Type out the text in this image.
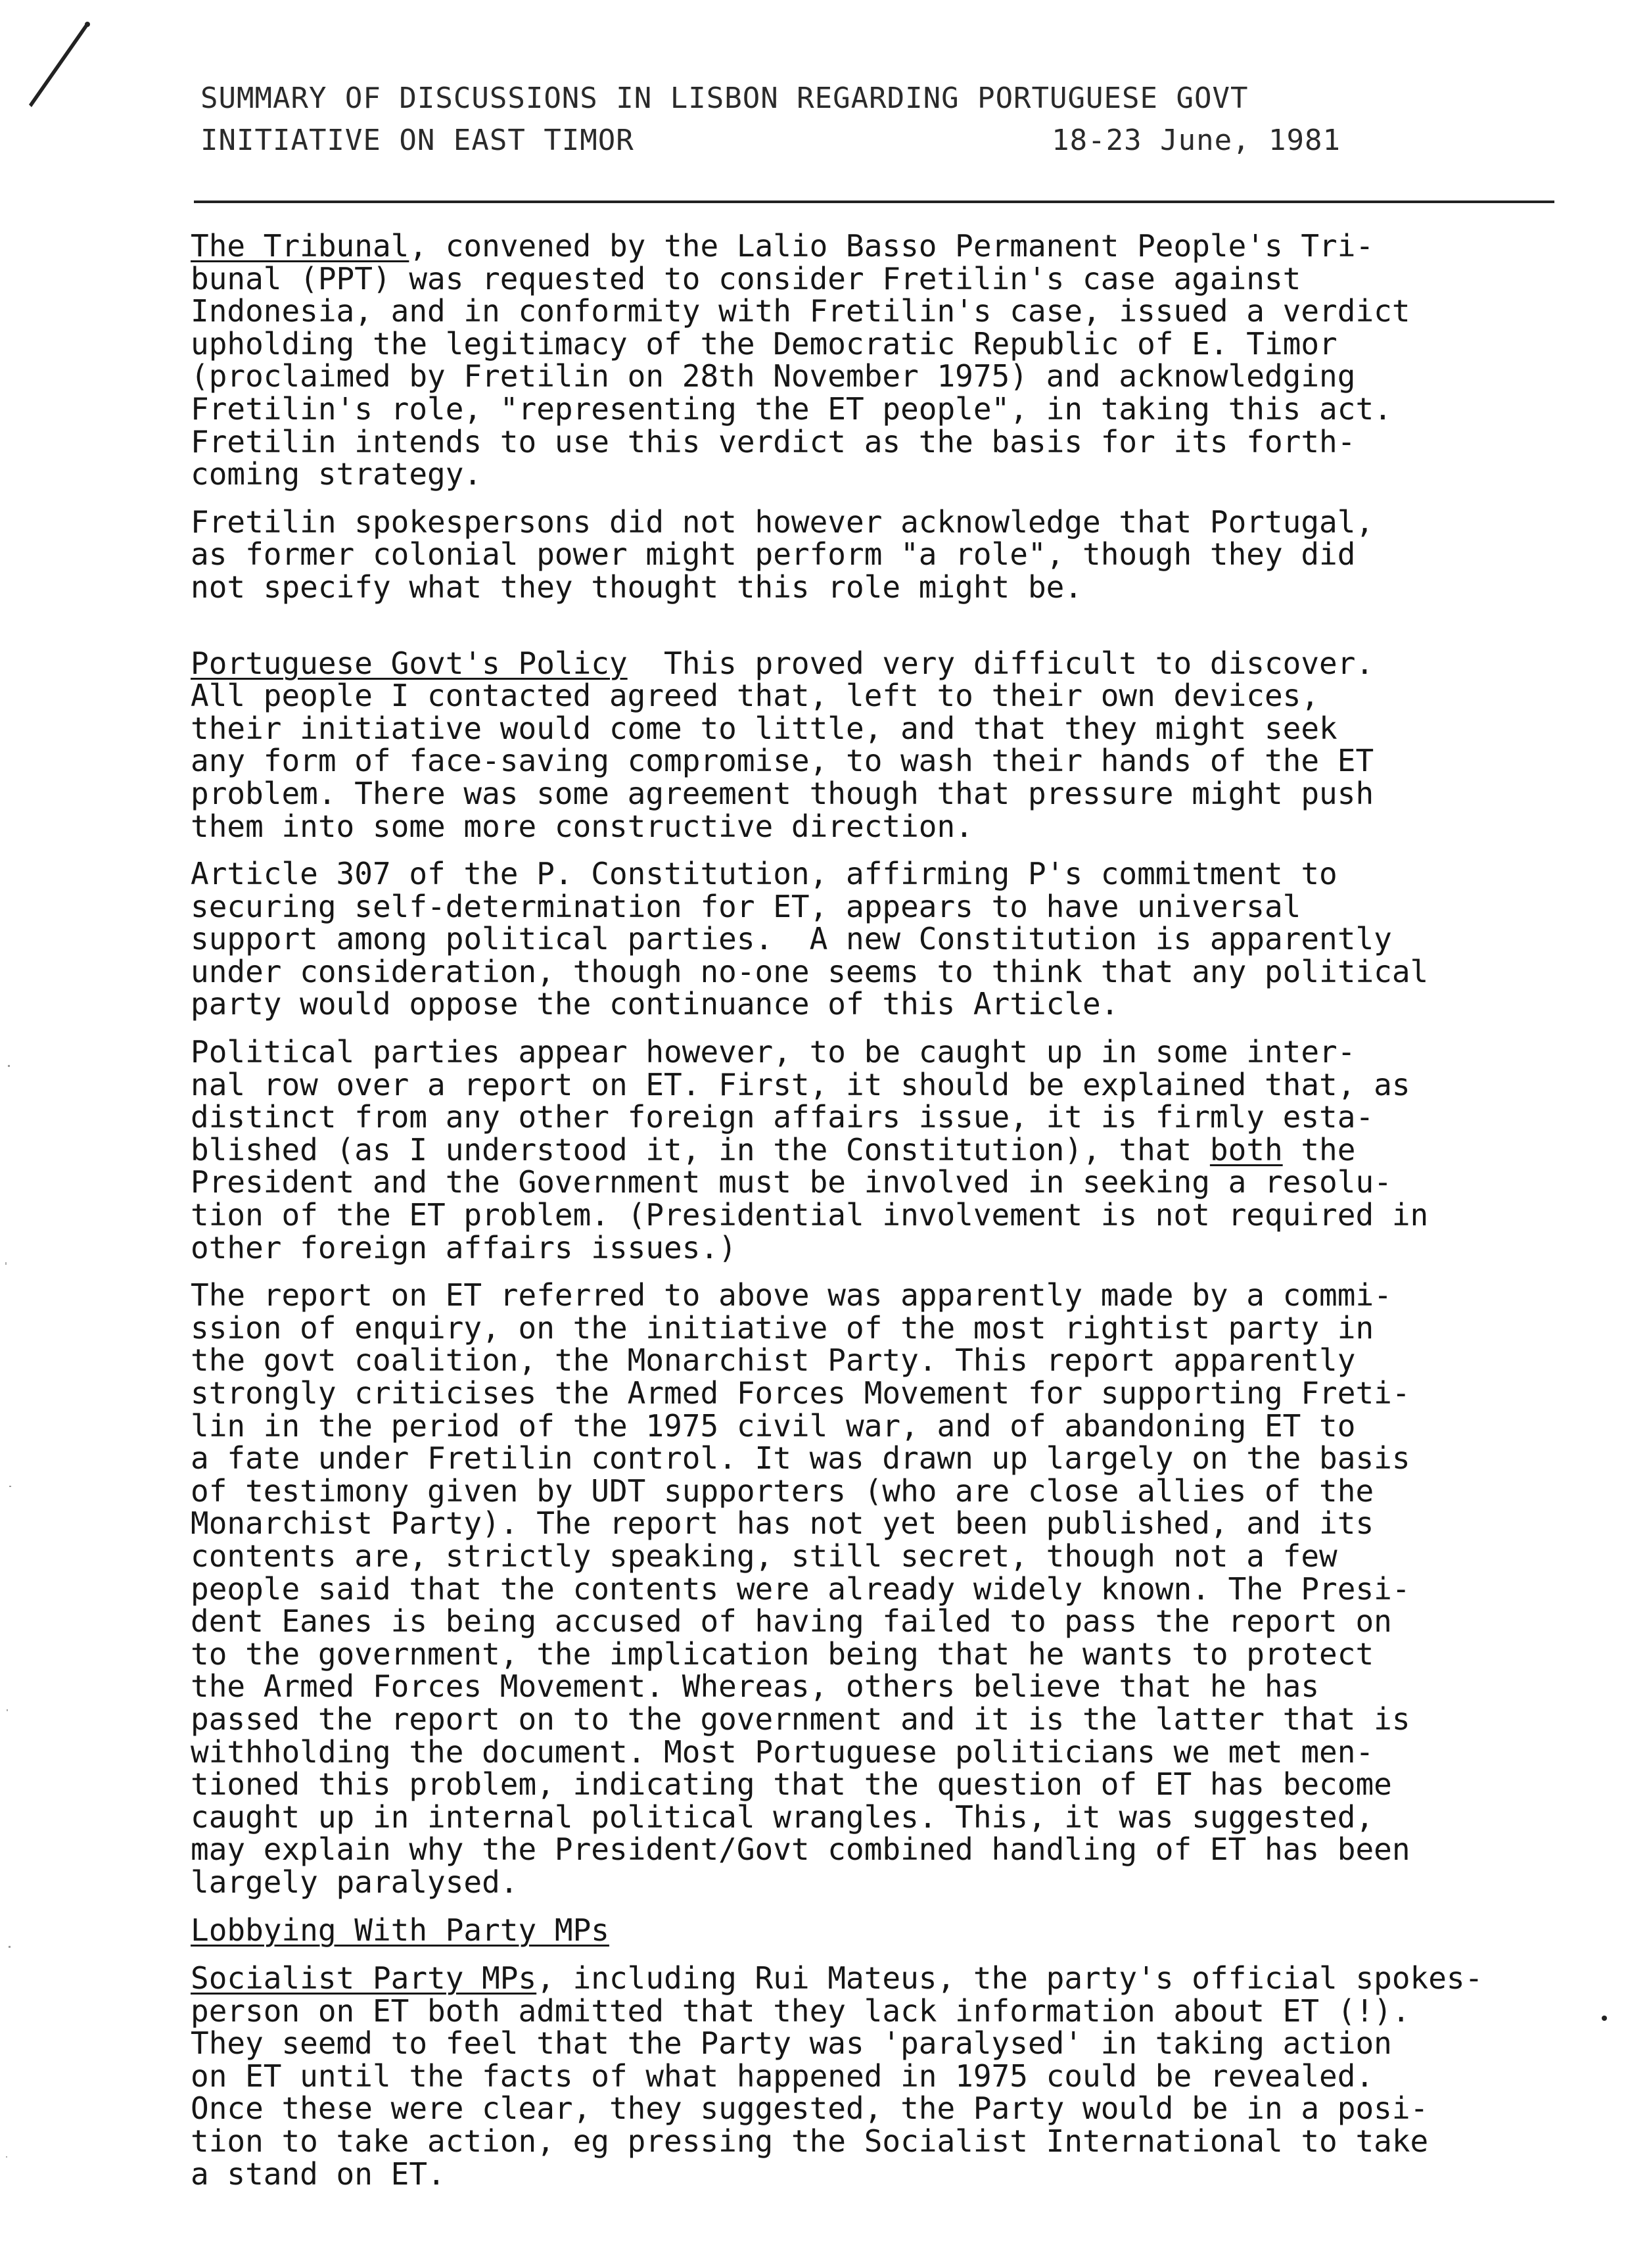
SUMMARY OF DISCUSSIONS IN LISBON REGARDING PORTUGUESE GOVT
INITIATIVE ON EAST TIMOR	18-23 June, 1981

The Tribunal, convened by the Lalio Basso Permanent People's Tri-
bunal (PPT) was requested to consider Fretilin's case against
Indonesia, and in conformity with Fretilin's case, issued a verdict
upholding the legitimacy of the Democratic Republic of E. Timor
(proclaimed by Fretilin on 28th November 1975) and acknowledging
Fretilin's role, "representing the ET people", in taking this act.
Fretilin intends to use this verdict as the basis for its forth-
coming strategy.

Fretilin spokespersons did not however acknowledge that Portugal,
as former colonial power might perform "a role", though they did
not specify what they thought this role might be.

Portuguese Govt's Policy  This proved very difficult to discover.
All people I contacted agreed that, left to their own devices,
their initiative would come to little, and that they might seek
any form of face-saving compromise, to wash their hands of the ET
problem. There was some agreement though that pressure might push
them into some more constructive direction.

Article 307 of the P. Constitution, affirming P's commitment to
securing self-determination for ET, appears to have universal
support among political parties.  A new Constitution is apparently
under consideration, though no-one seems to think that any political
party would oppose the continuance of this Article.

Political parties appear however, to be caught up in some inter-
nal row over a report on ET. First, it should be explained that, as
distinct from any other foreign affairs issue, it is firmly esta-
blished (as I understood it, in the Constitution), that both the
President and the Government must be involved in seeking a resolu-
tion of the ET problem. (Presidential involvement is not required in
other foreign affairs issues.)

The report on ET referred to above was apparently made by a commi-
ssion of enquiry, on the initiative of the most rightist party in
the govt coalition, the Monarchist Party. This report apparently
strongly criticises the Armed Forces Movement for supporting Freti-
lin in the period of the 1975 civil war, and of abandoning ET to
a fate under Fretilin control. It was drawn up largely on the basis
of testimony given by UDT supporters (who are close allies of the
Monarchist Party). The report has not yet been published, and its
contents are, strictly speaking, still secret, though not a few
people said that the contents were already widely known. The Presi-
dent Eanes is being accused of having failed to pass the report on
to the government, the implication being that he wants to protect
the Armed Forces Movement. Whereas, others believe that he has
passed the report on to the government and it is the latter that is
withholding the document. Most Portuguese politicians we met men-
tioned this problem, indicating that the question of ET has become
caught up in internal political wrangles. This, it was suggested,
may explain why the President/Govt combined handling of ET has been
largely paralysed.

Lobbying With Party MPs

Socialist Party MPs, including Rui Mateus, the party's official spokes-
person on ET both admitted that they lack information about ET (!).
They seemd to feel that the Party was 'paralysed' in taking action
on ET until the facts of what happened in 1975 could be revealed.
Once these were clear, they suggested, the Party would be in a posi-
tion to take action, eg pressing the Socialist International to take
a stand on ET.
